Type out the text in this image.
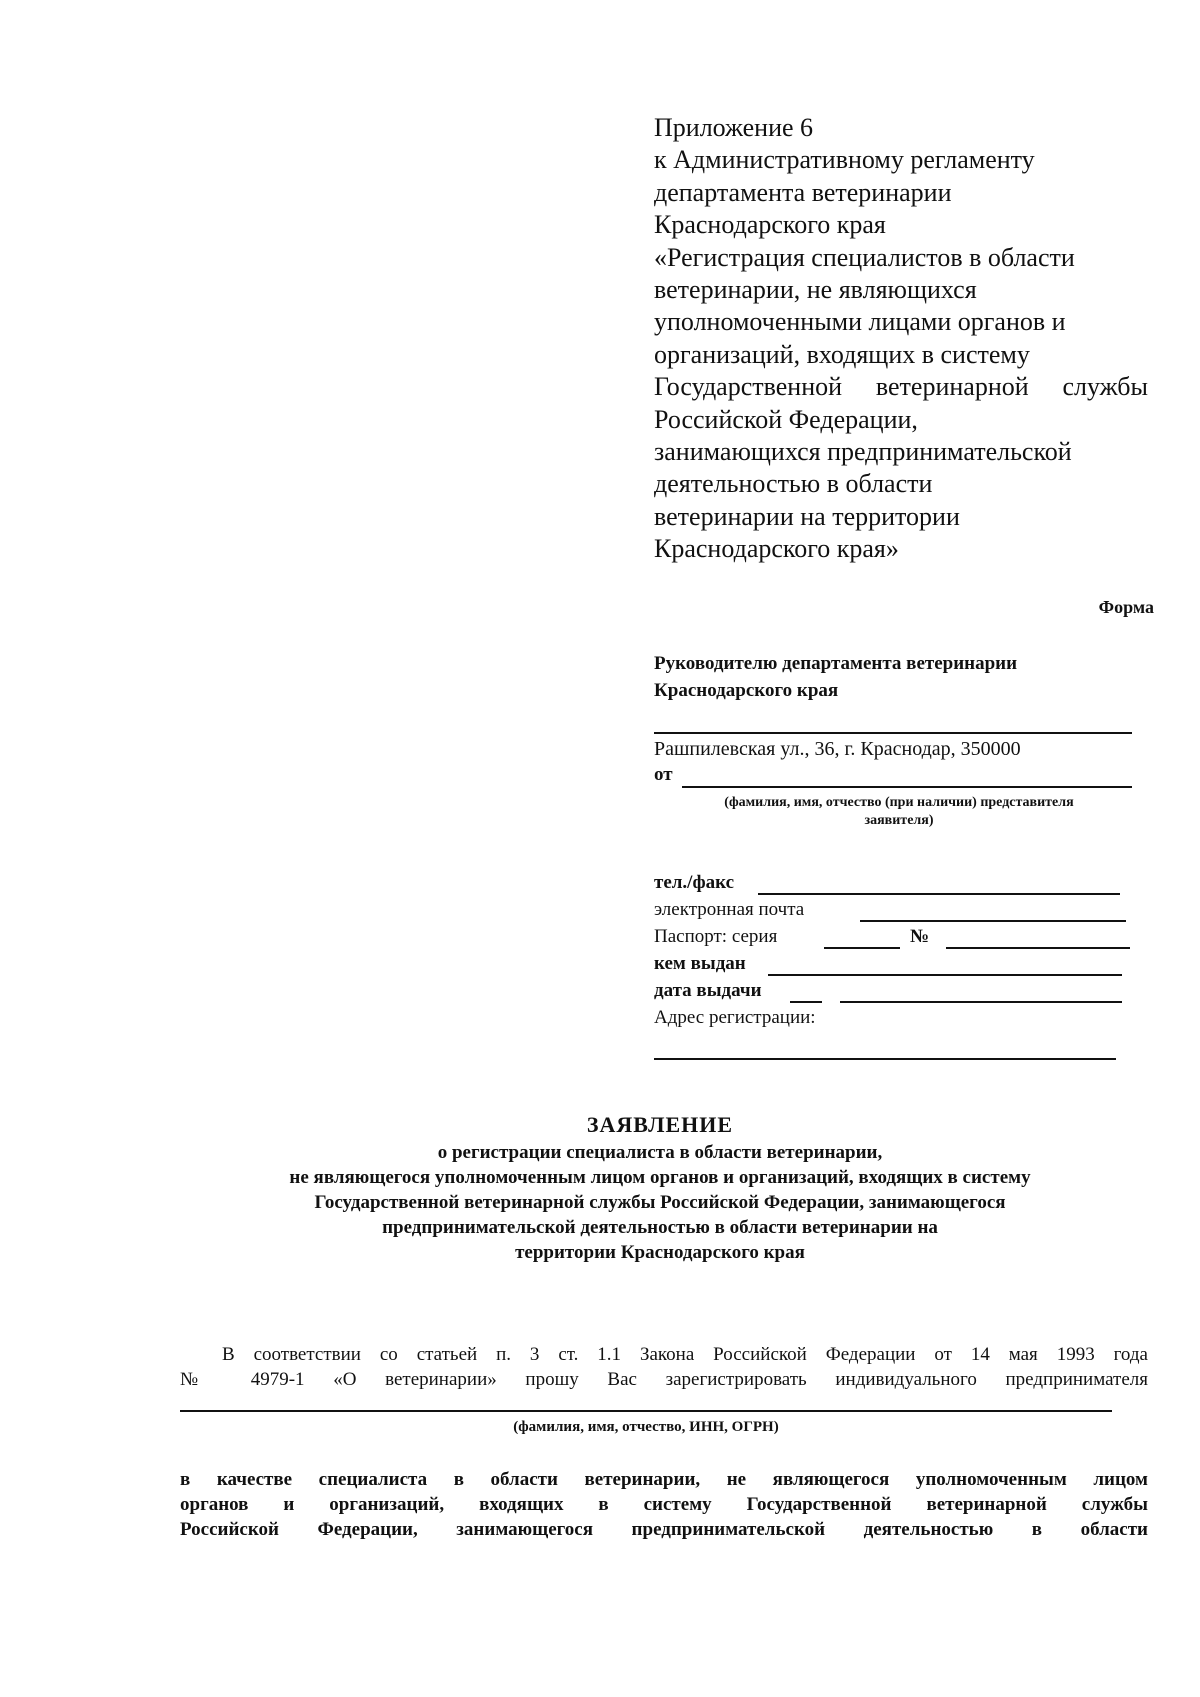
Приложение 6
к Административному регламенту
департамента ветеринарии
Краснодарского края
«Регистрация специалистов в области
ветеринарии, не являющихся
уполномоченными лицами органов и
организаций, входящих в систему
Государственной ветеринарной службы
Российской Федерации,
занимающихся предпринимательской
деятельностью в области
ветеринарии на территории
Краснодарского края»
Форма
Руководителю департамента ветеринарии
Краснодарского края
Рашпилевская ул., 36, г. Краснодар, 350000
от
(фамилия, имя, отчество (при наличии) представителя
заявителя)
тел./факс
электронная почта
Паспорт: серия	№
кем выдан
дата выдачи
Адрес регистрации:
ЗАЯВЛЕНИЕ
о регистрации специалиста в области ветеринарии,
не являющегося уполномоченным лицом органов и организаций, входящих в систему
Государственной ветеринарной службы Российской Федерации, занимающегося
предпринимательской деятельностью в области ветеринарии на
территории Краснодарского края
В соответствии со статьей п. 3 ст. 1.1 Закона Российской Федерации от 14 мая 1993 года
№ 4979-1 «О ветеринарии» прошу Вас зарегистрировать индивидуального предпринимателя
(фамилия, имя, отчество, ИНН, ОГРН)
в качестве специалиста в области ветеринарии, не являющегося уполномоченным лицом
органов и организаций, входящих в систему Государственной ветеринарной службы
Российской Федерации, занимающегося предпринимательской деятельностью в области
